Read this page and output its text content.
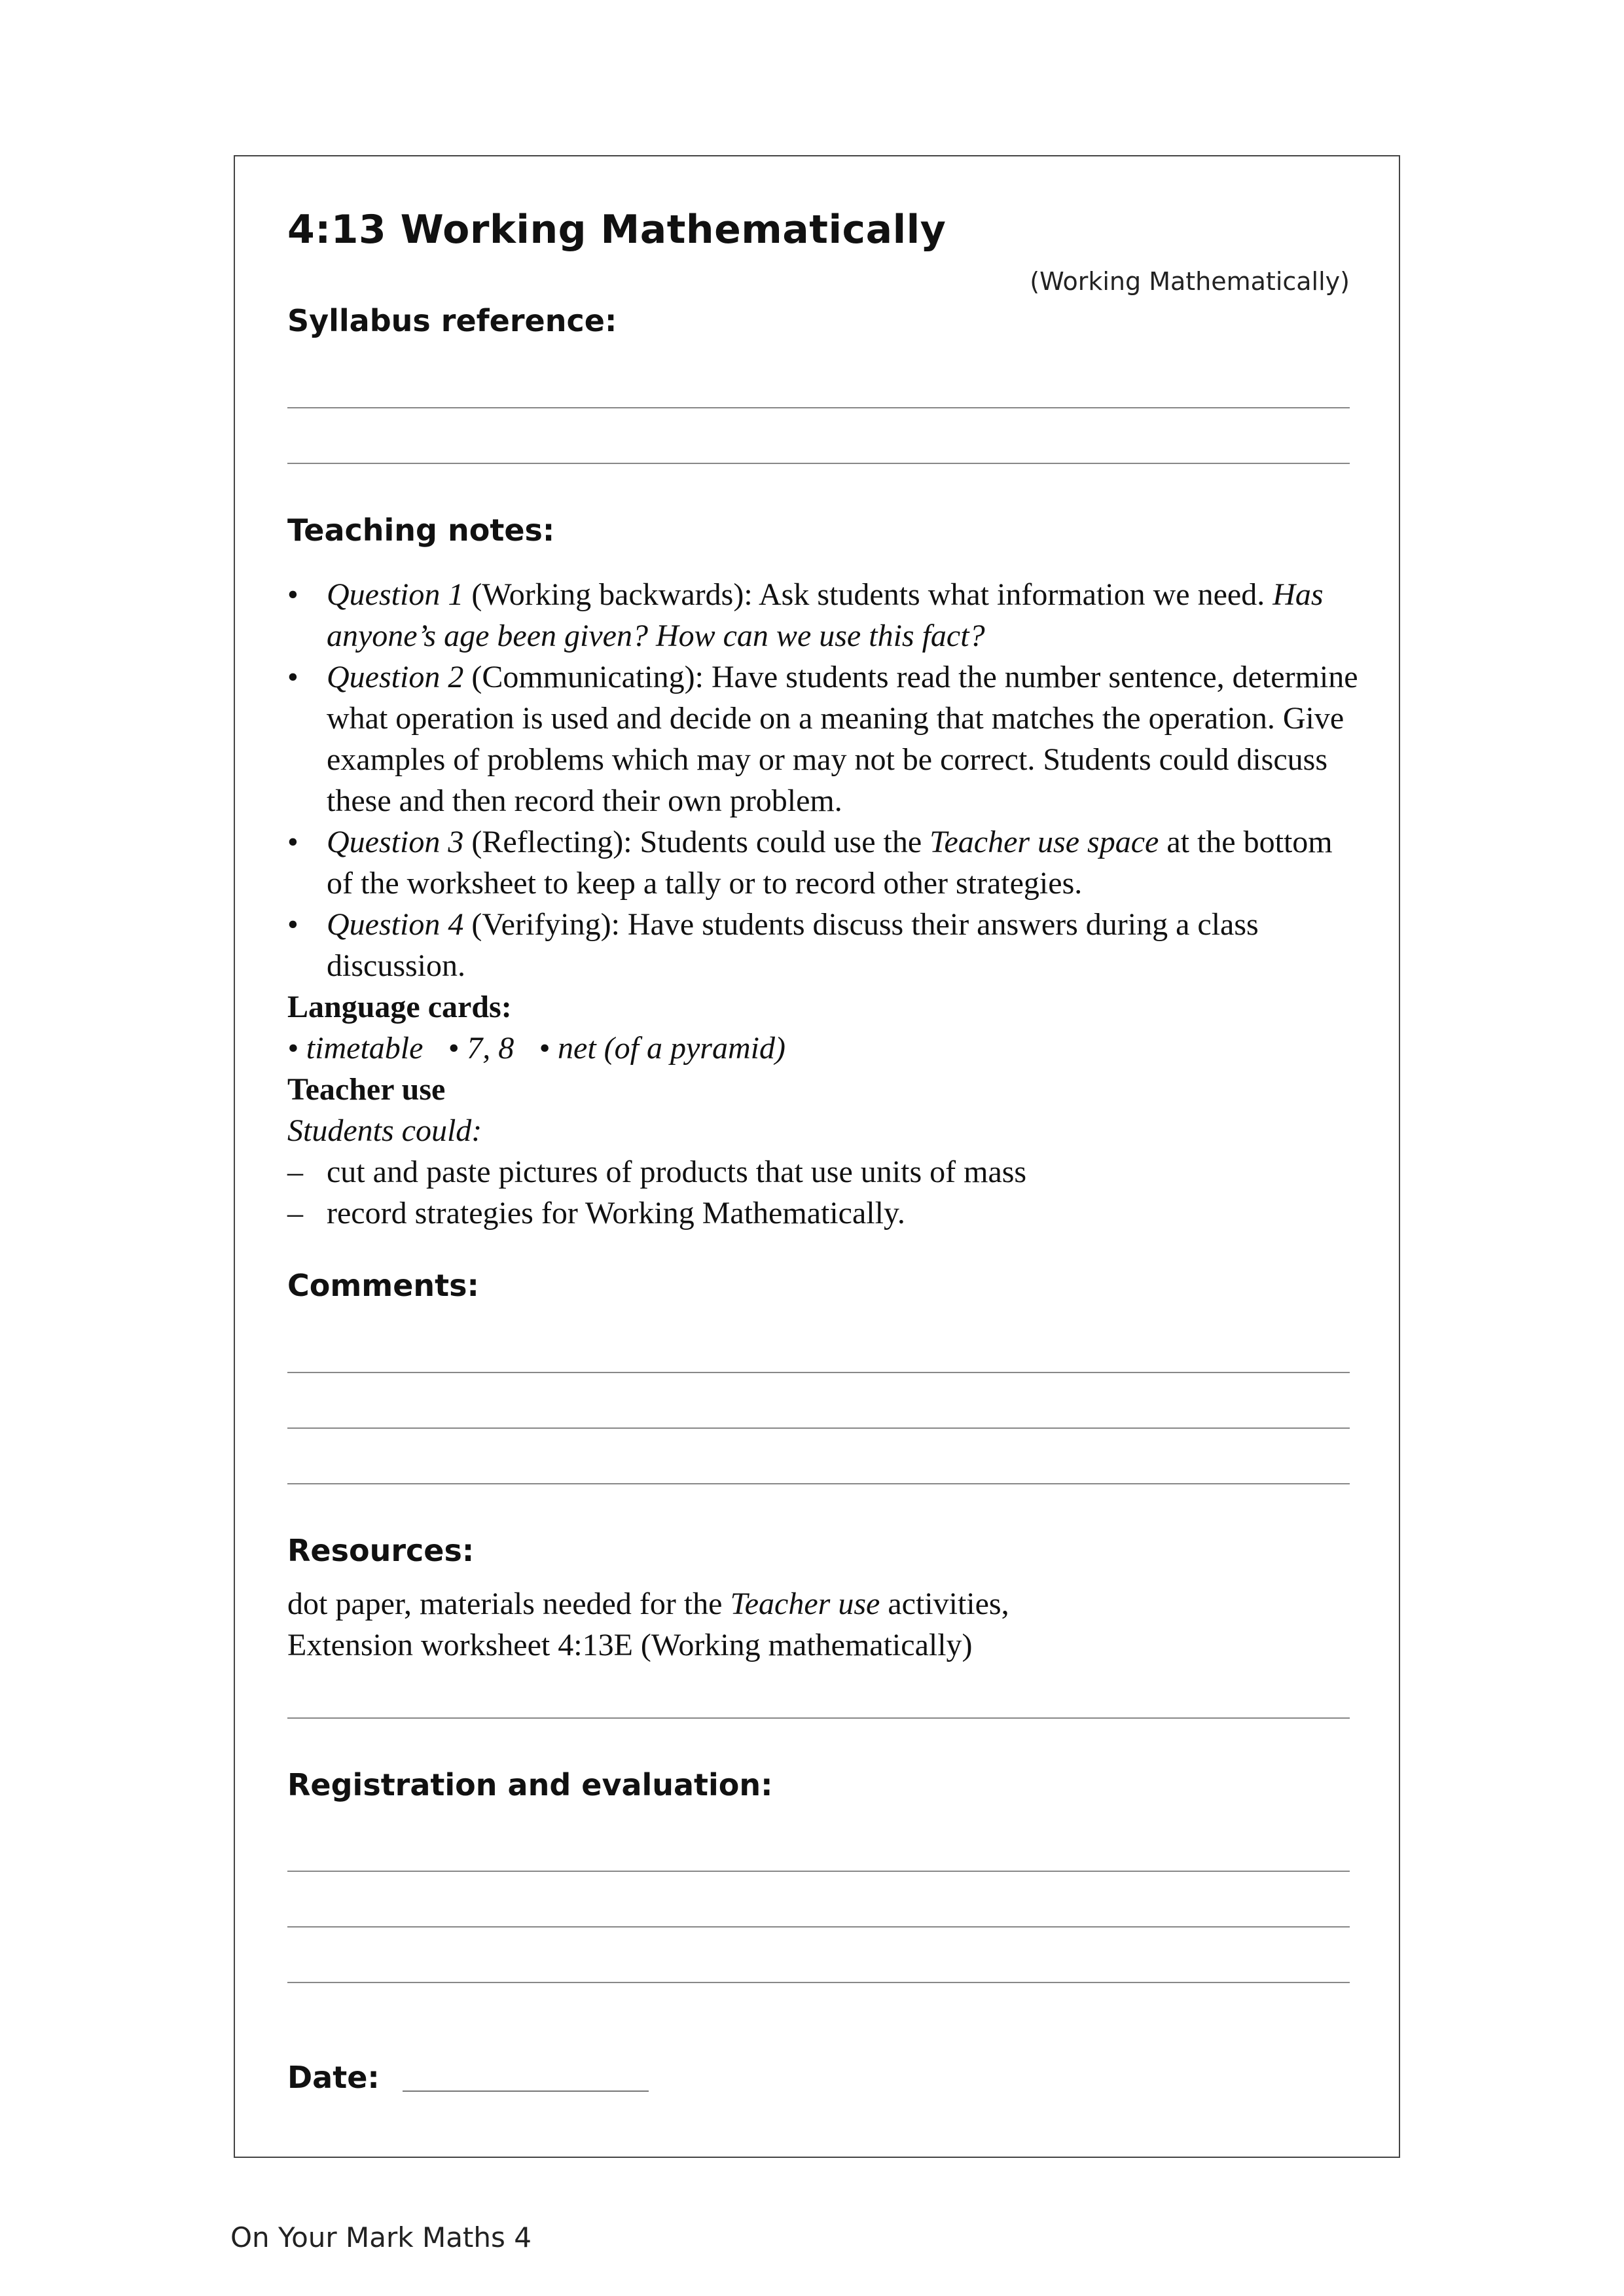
4:13 Working Mathematically
(Working Mathematically)
Syllabus reference:
Teaching notes:
• Question 1 (Working backwards): Ask students what information we need. Has anyone’s age been given? How can we use this fact?
• Question 2 (Communicating): Have students read the number sentence, determine what operation is used and decide on a meaning that matches the operation. Give examples of problems which may or may not be correct. Students could discuss these and then record their own problem.
• Question 3 (Reflecting): Students could use the Teacher use space at the bottom of the worksheet to keep a tally or to record other strategies.
• Question 4 (Verifying): Have students discuss their answers during a class discussion.
Language cards:
• timetable • 7, 8 • net (of a pyramid)
Teacher use
Students could:
– cut and paste pictures of products that use units of mass
– record strategies for Working Mathematically.
Comments:
Resources:
dot paper, materials needed for the Teacher use activities,
Extension worksheet 4:13E (Working mathematically)
Registration and evaluation:
Date:
On Your Mark Maths 4
